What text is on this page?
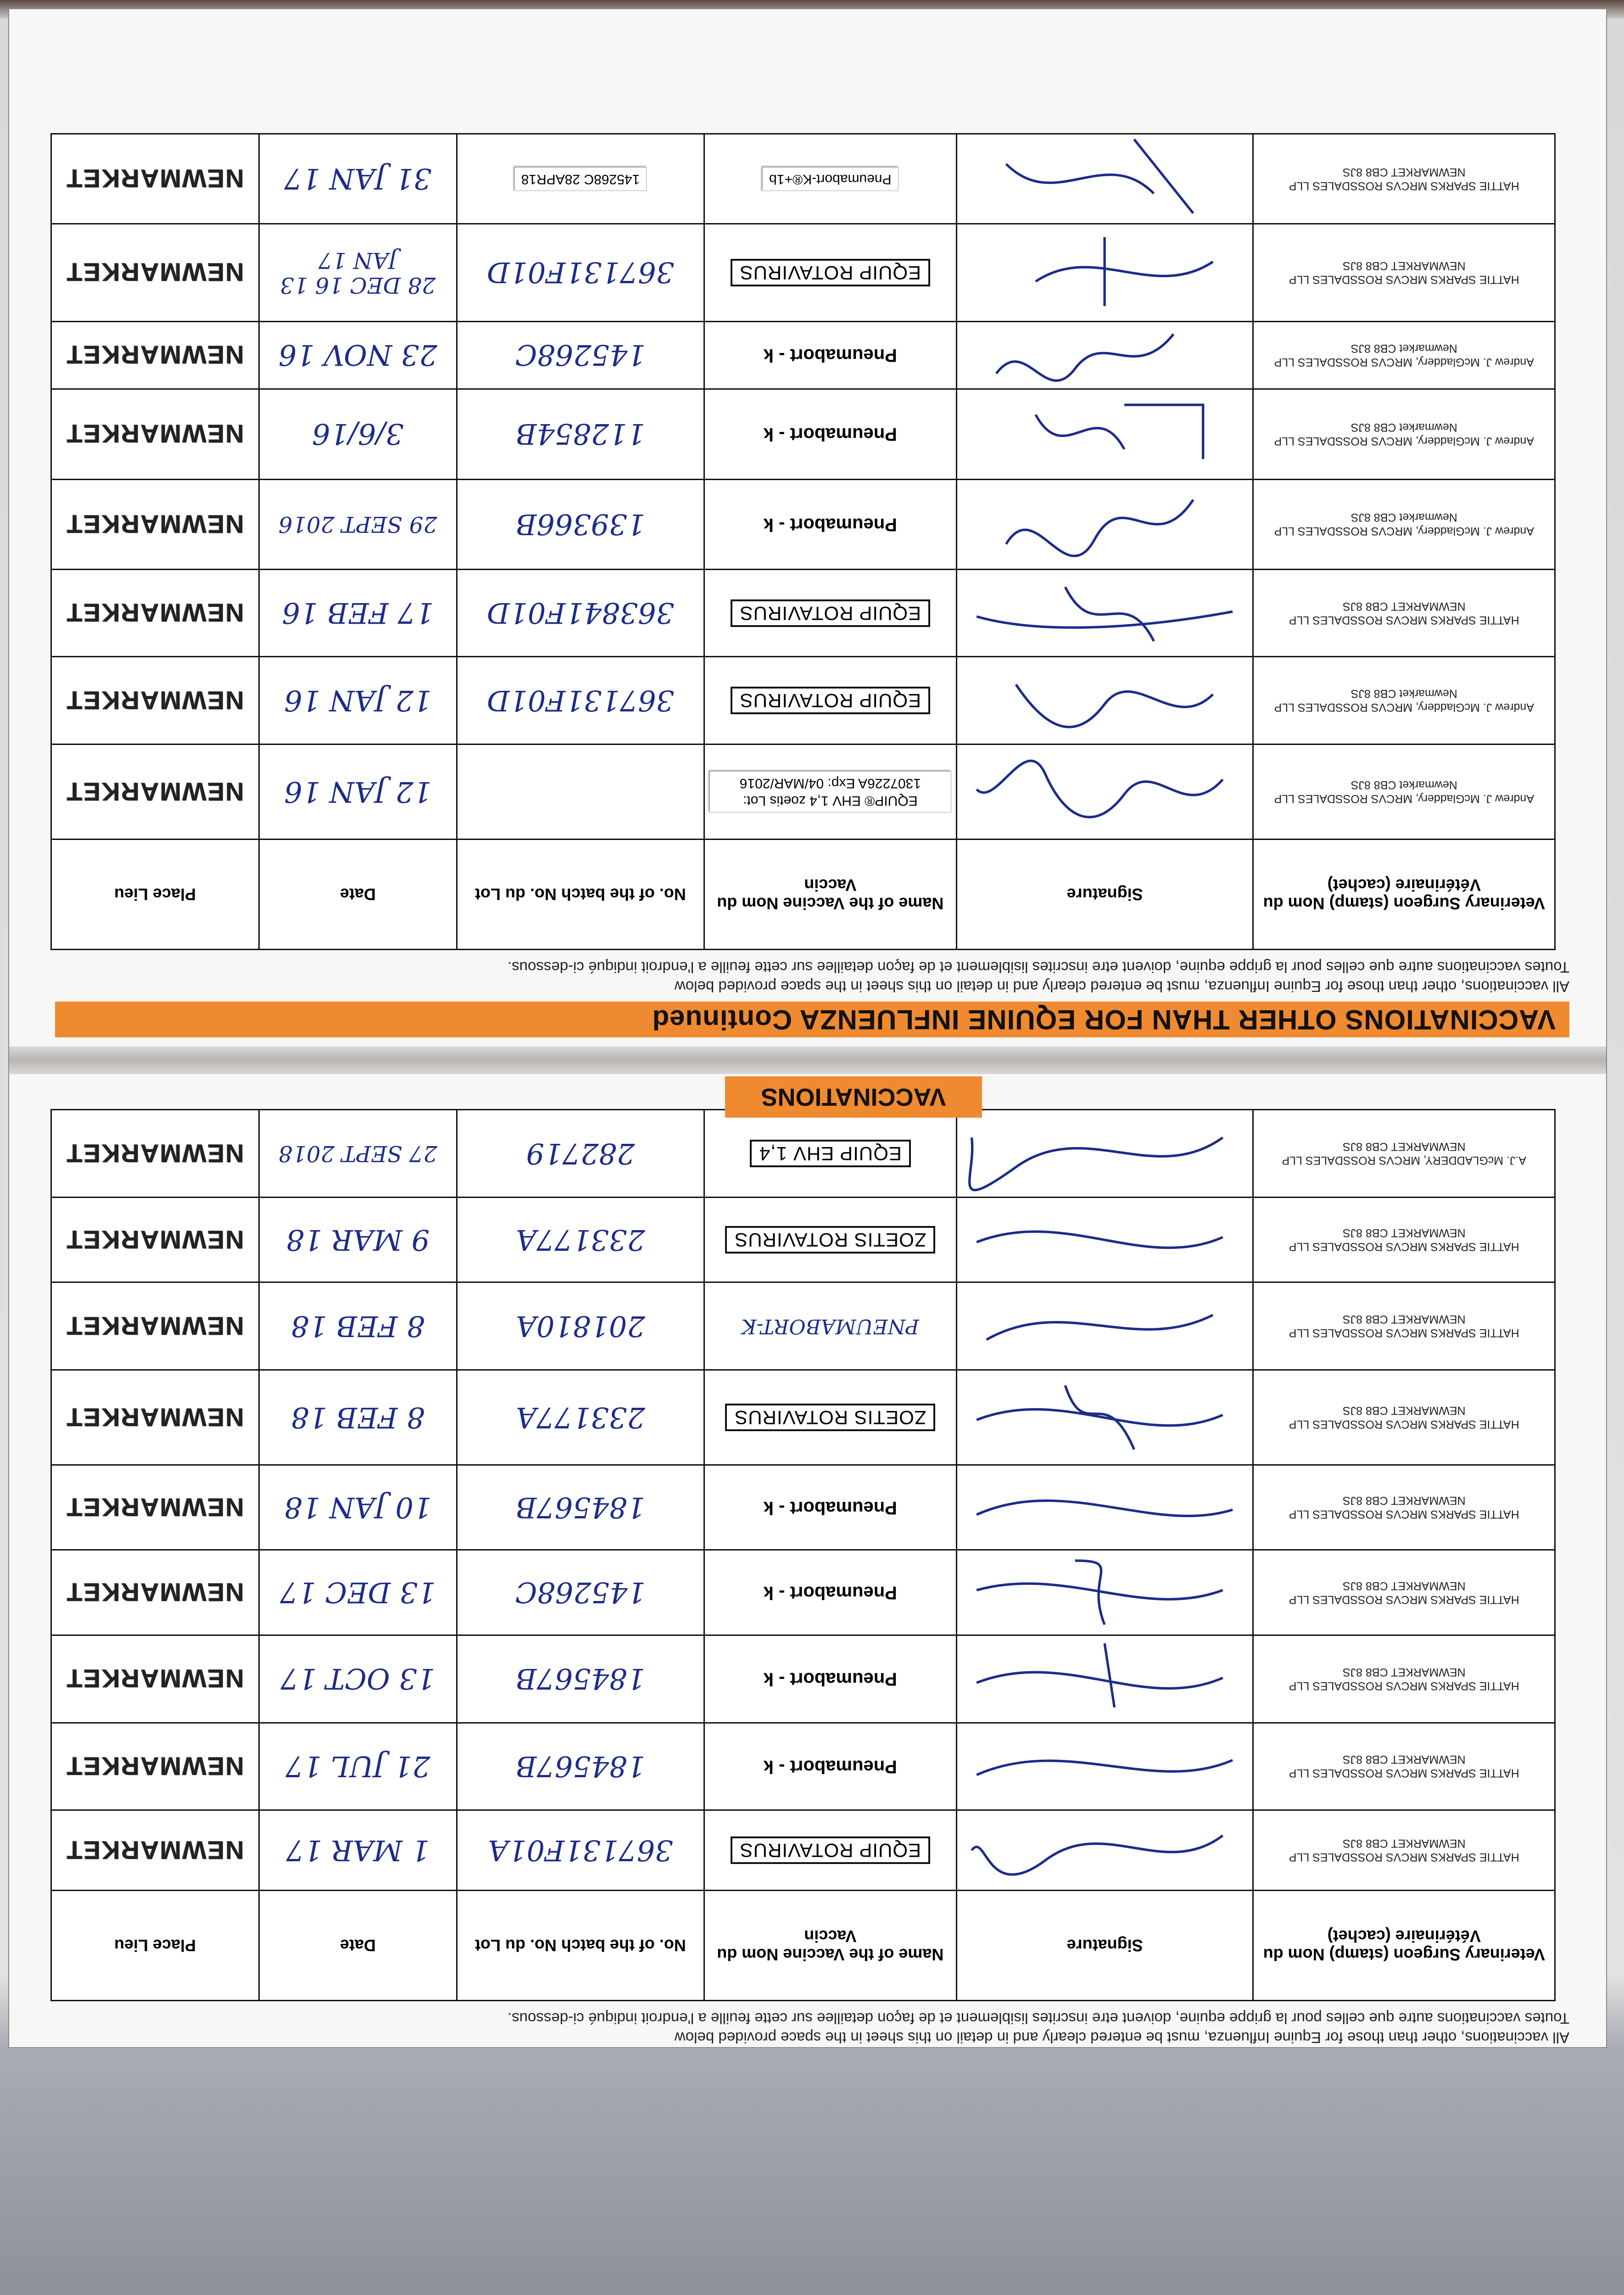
VACCINATIONS OTHER THAN FOR EQUINE INFLUENZA Continued
All vaccinations, other than those for Equine Influenza, must be entered clearly and in detail on this sheet in the space provided below
Toutes vaccinations autre que celles pour la grippe equine, doivent etre inscrites lisiblement et de façon detaillee sur cette feuille a l'endroit indiqué ci-dessous.
Veterinary Surgeon (stamp) Nom du Vétérinaire (cachet)	Signature	Name of the Vaccine Nom du Vaccin	No. of the batch No. du Lot	Date	Place Lieu
Andrew J. McGladdery, MRCVS ROSSDALES LLP Newmarket CB8 8JS		EQUIP® EHV 1,4 zoetis Lot: 1307226A Exp: 04/MAR/2016		12 JAN 16	NEWMARKET
Andrew J. McGladdery, MRCVS ROSSDALES LLP Newmarket CB8 8JS		EQUIP ROTAVIRUS	367131F01D	12 JAN 16	NEWMARKET
HATTIE SPARKS MRCVS ROSSDALES LLP NEWMARKET CB8 8JS		EQUIP ROTAVIRUS	363841F01D	17 FEB 16	NEWMARKET
Andrew J. McGladdery, MRCVS ROSSDALES LLP Newmarket CB8 8JS		Pneumabort - k	139366B	29 SEPT 2016	NEWMARKET
Andrew J. McGladdery, MRCVS ROSSDALES LLP Newmarket CB8 8JS		Pneumabort - k	112854B	3/6/16	NEWMARKET
Andrew J. McGladdery, MRCVS ROSSDALES LLP Newmarket CB8 8JS		Pneumabort - k	145268C	23 NOV 16	NEWMARKET
HATTIE SPARKS MRCVS ROSSDALES LLP NEWMARKET CB8 8JS		EQUIP ROTAVIRUS	367131F01D	28 DEC 16 13 JAN 17	NEWMARKET
HATTIE SPARKS MRCVS ROSSDALES LLP NEWMARKET CB8 8JS		Pneumabort-K®+1b	145268C 28APR18	31 JAN 17	NEWMARKET
All vaccinations, other than those for Equine Influenza, must be entered clearly and in detail on this sheet in the space provided below
Toutes vaccinations autre que celles pour la grippe equine, doivent etre inscrites lisiblement et de façon detaillee sur cette feuille a l'endroit indiqué ci-dessous.
Veterinary Surgeon (stamp) Nom du Vétérinaire (cachet)	Signature	Name of the Vaccine Nom du Vaccin	No. of the batch No. du Lot	Date	Place Lieu
HATTIE SPARKS MRCVS ROSSDALES LLP NEWMARKET CB8 8JS		EQUIP ROTAVIRUS	367131F01A	1 MAR 17	NEWMARKET
HATTIE SPARKS MRCVS ROSSDALES LLP NEWMARKET CB8 8JS		Pneumabort - k	184567B	21 JUL 17	NEWMARKET
HATTIE SPARKS MRCVS ROSSDALES LLP NEWMARKET CB8 8JS		Pneumabort - k	184567B	13 OCT 17	NEWMARKET
HATTIE SPARKS MRCVS ROSSDALES LLP NEWMARKET CB8 8JS		Pneumabort - k	145268C	13 DEC 17	NEWMARKET
HATTIE SPARKS MRCVS ROSSDALES LLP NEWMARKET CB8 8JS		Pneumabort - k	184567B	10 JAN 18	NEWMARKET
HATTIE SPARKS MRCVS ROSSDALES LLP NEWMARKET CB8 8JS		ZOETIS ROTAVIRUS	233177A	8 FEB 18	NEWMARKET
HATTIE SPARKS MRCVS ROSSDALES LLP NEWMARKET CB8 8JS		PNEUMABORT-K	201810A	8 FEB 18	NEWMARKET
HATTIE SPARKS MRCVS ROSSDALES LLP NEWMARKET CB8 8JS		ZOETIS ROTAVIRUS	233177A	9 MAR 18	NEWMARKET
A.J. McGLADDERY, MRCVS ROSSDALES LLP NEWMARKET CB8 8JS		EQUIP EHV 1,4	282719	27 SEPT 2018	NEWMARKET
VACCINATIONS
